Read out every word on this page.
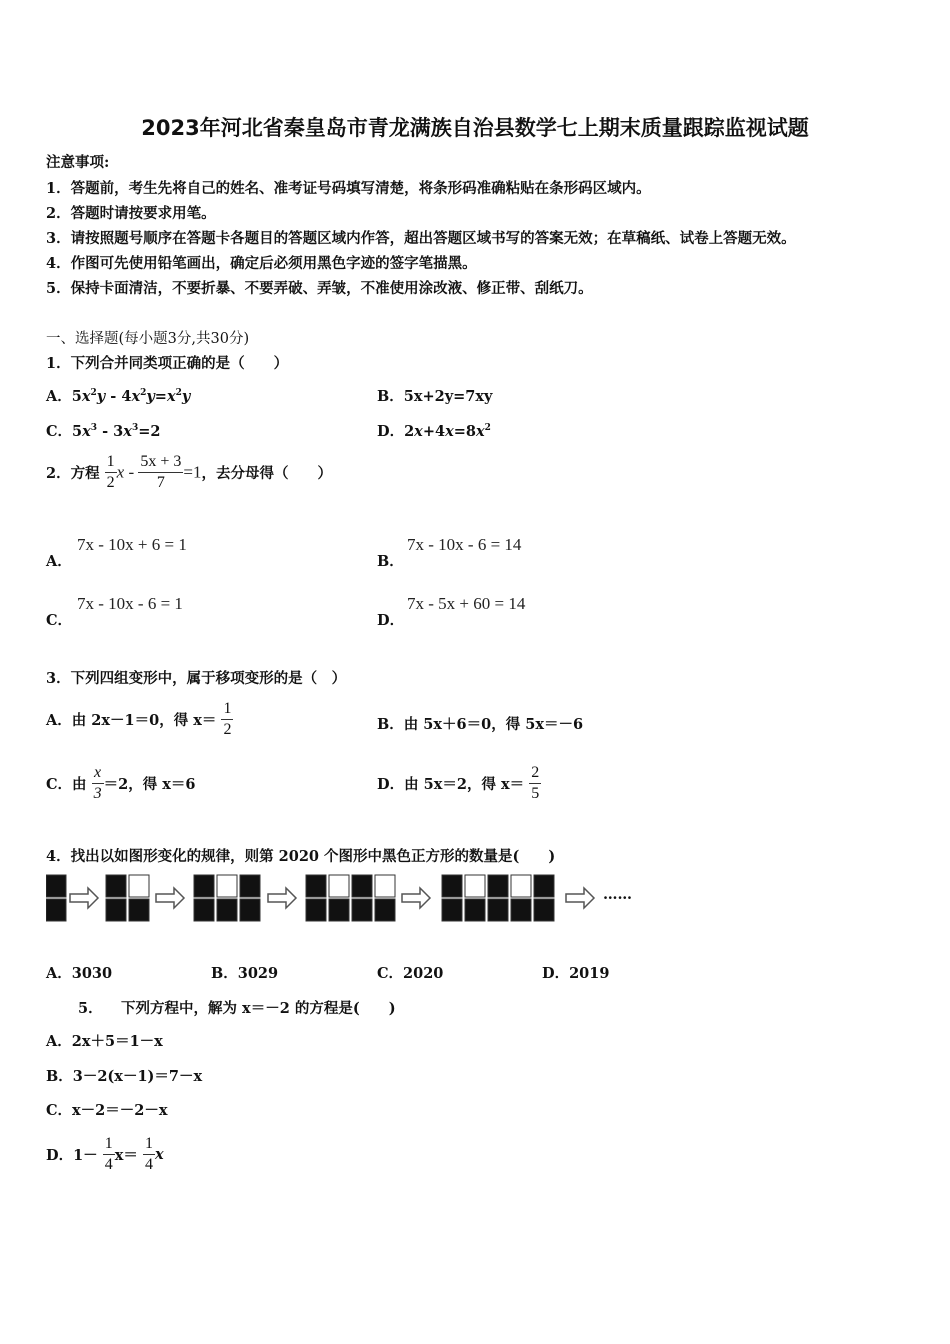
2023年河北省秦皇岛市青龙满族自治县数学七上期末质量跟踪监视试题
注意事项:
1．答题前，考生先将自己的姓名、准考证号码填写清楚，将条形码准确粘贴在条形码区域内。
2．答题时请按要求用笔。
3．请按照题号顺序在答题卡各题目的答题区域内作答，超出答题区域书写的答案无效；在草稿纸、试卷上答题无效。
4．作图可先使用铅笔画出，确定后必须用黑色字迹的签字笔描黑。
5．保持卡面清洁，不要折暴、不要弄破、弄皱，不准使用涂改液、修正带、刮纸刀。
一、选择题(每小题3分,共30分)
1．下列合并同类项正确的是（　　）
A．$5x^2y - 4x^2y=x^2y$	B．5x+2y=7xy
C．$5x^3 - 3x^3=2$	D．$2x+4x=8x^2$
2．方程 $\frac{1}{2}$ $x - \frac{5x + 3}{7} =1$，去分母得（　　）
A．
7x - 10x + 6 = 1
B．
7x - 10x - 6 = 14
C．
7x - 10x - 6 = 1
D．
7x - 5x + 60 = 14
3．下列四组变形中，属于移项变形的是（　）
A．由 2x－1＝0，得 $x= \frac{1}{2}$	B．由 5x＋6＝0，得 5x＝－6
C．由 $\frac{x}{3} =2$，得 x＝6	D．由 5x＝2，得 $x= \frac{2}{5}$
4．找出以如图形变化的规律，则第 2020 个图形中黑色正方形的数量是(　　)
……
A．3030	B．3029	C．2020	D．2019
5． 下列方程中，解为 x＝－2 的方程是(　　)
A．2x＋5＝1－x
B．3－2(x－1)＝7－x
C．x－2＝－2－x
D．$1- \frac{1}{4} x= \frac{1}{4}$ x
